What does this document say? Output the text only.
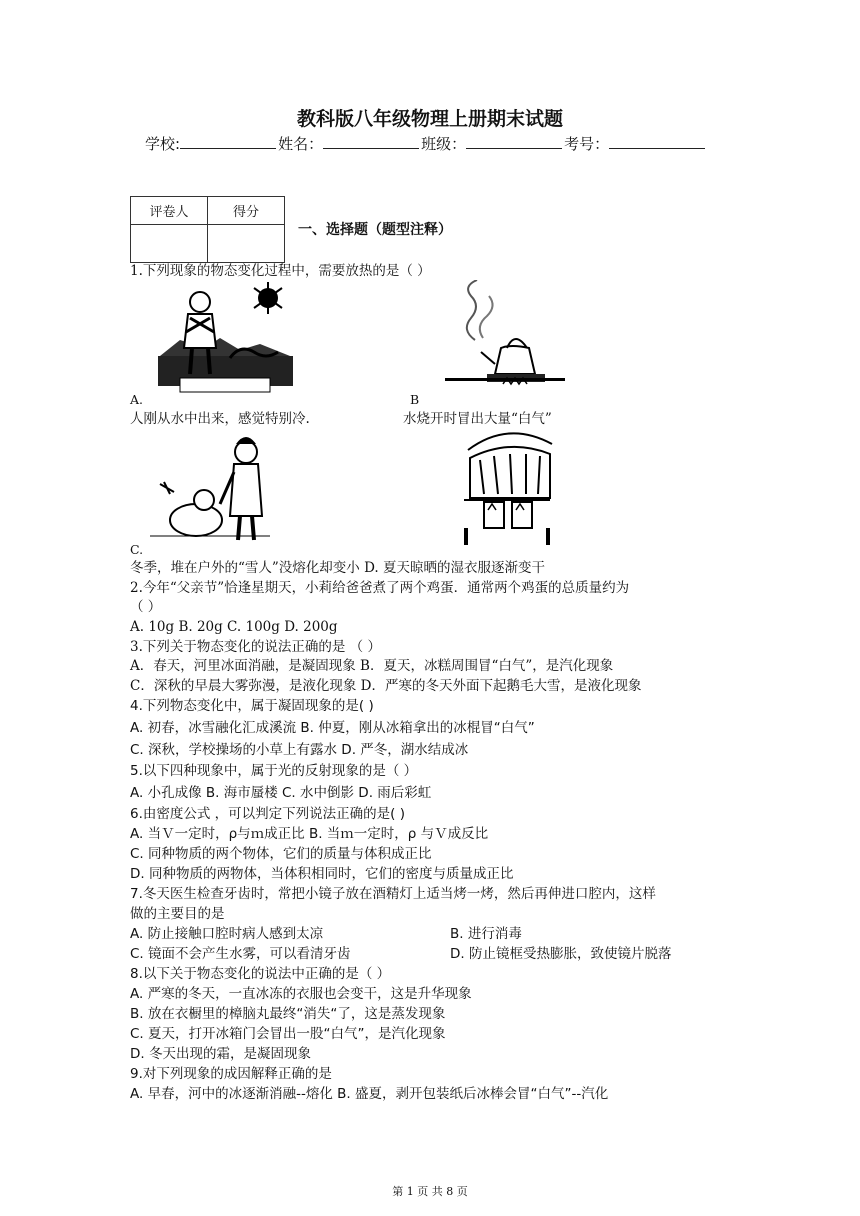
教科版八年级物理上册期末试题
学校:	姓名：	班级：	考号：
评卷人	得分

一、选择题（题型注释）
1.下列现象的物态变化过程中，需要放热的是（ ）
A.	B
人刚从水中出来，感觉特别冷.	水烧开时冒出大量“白气”
C.
冬季，堆在户外的“雪人”没熔化却变小 D. 夏天晾晒的湿衣服逐渐变干
2.今年“父亲节”恰逢星期天，小莉给爸爸煮了两个鸡蛋．通常两个鸡蛋的总质量约为
（ ）
A. 10g B. 20g C. 100g D. 200g
3.下列关于物态变化的说法正确的是 （ ）
A．春天，河里冰面消融，是凝固现象 B．夏天，冰糕周围冒“白气”，是汽化现象
C．深秋的早晨大雾弥漫，是液化现象 D．严寒的冬天外面下起鹅毛大雪，是液化现象
4.下列物态变化中，属于凝固现象的是( )
A. 初春，冰雪融化汇成溪流 B. 仲夏，刚从冰箱拿出的冰棍冒“白气”
C. 深秋，学校操场的小草上有露水 D. 严冬，湖水结成冰
5.以下四种现象中，属于光的反射现象的是（ ）
A. 小孔成像 B. 海市蜃楼 C. 水中倒影 D. 雨后彩虹
6.由密度公式 ，可以判定下列说法正确的是( )
A. 当Ｖ一定时，ρ与ｍ成正比 B. 当ｍ一定时，ρ 与Ｖ成反比
C. 同种物质的两个物体，它们的质量与体积成正比
D. 同种物质的两物体，当体积相同时，它们的密度与质量成正比
7.冬天医生检查牙齿时，常把小镜子放在酒精灯上适当烤一烤，然后再伸进口腔内，这样
做的主要目的是
A. 防止接触口腔时病人感到太凉	B. 进行消毒
C. 镜面不会产生水雾，可以看清牙齿	D. 防止镜框受热膨胀，致使镜片脱落
8.以下关于物态变化的说法中正确的是（ ）
A. 严寒的冬天，一直冰冻的衣服也会变干，这是升华现象
B. 放在衣橱里的樟脑丸最终“消失“了，这是蒸发现象
C. 夏天，打开冰箱门会冒出一股“白气”，是汽化现象
D. 冬天出现的霜，是凝固现象
9.对下列现象的成因解释正确的是
A. 早春，河中的冰逐渐消融--熔化 B. 盛夏，剥开包装纸后冰棒会冒“白气”--汽化
第 1 页 共 8 页
